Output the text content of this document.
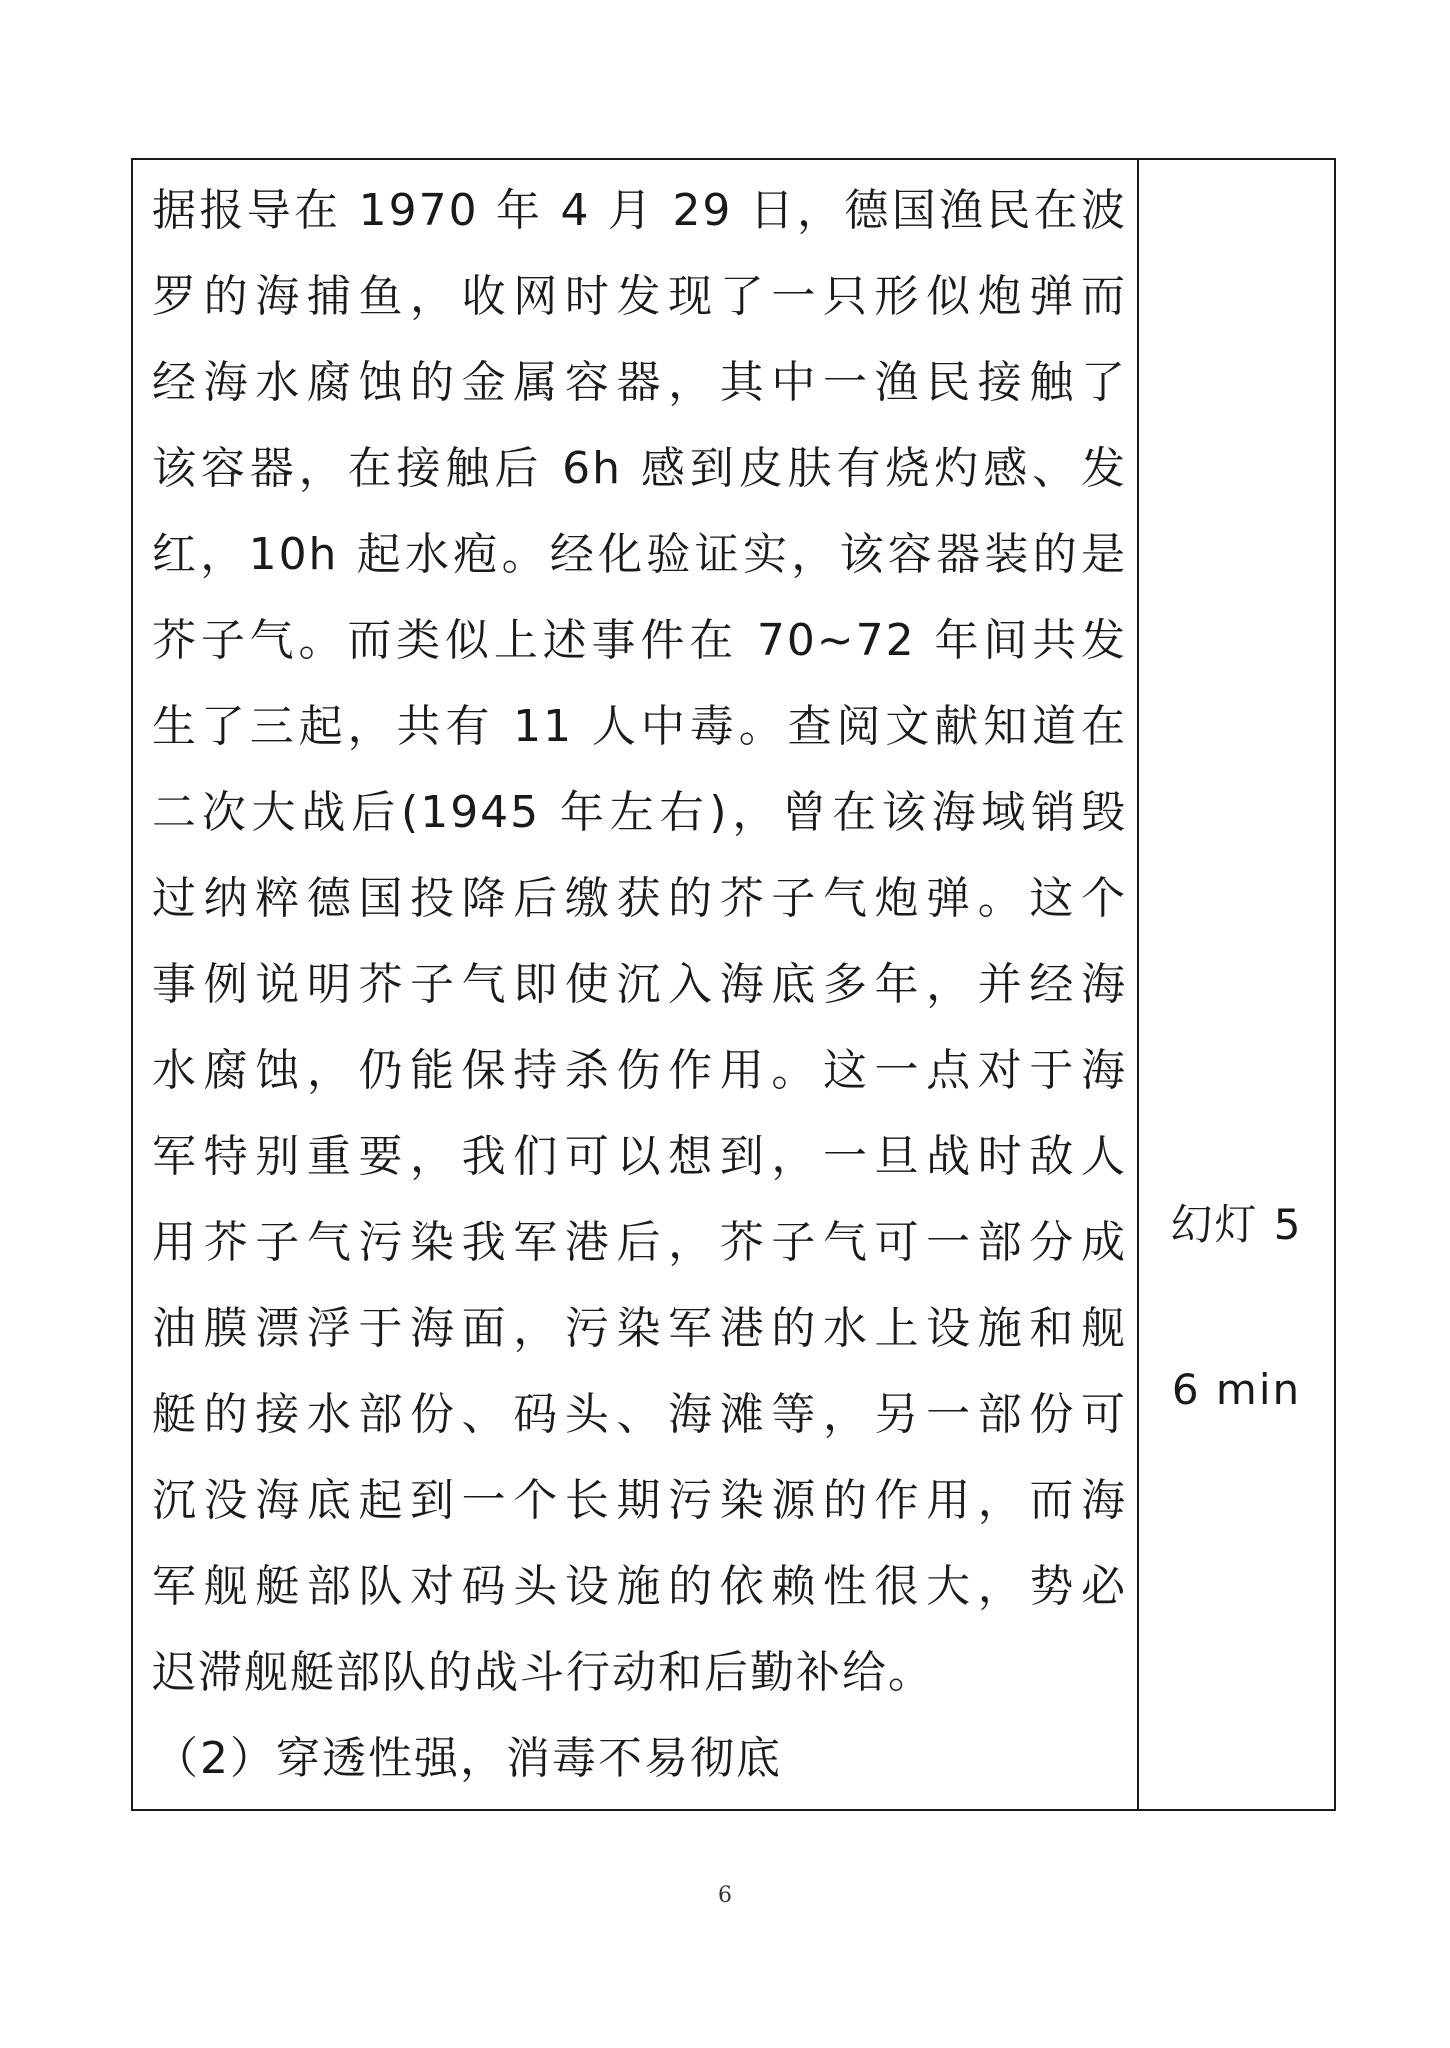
据报导在 1970 年 4 月 29 日，德国渔民在波
罗的海捕鱼，收网时发现了一只形似炮弹而
经海水腐蚀的金属容器，其中一渔民接触了
该容器，在接触后 6h 感到皮肤有烧灼感、发
红，10h 起水疱。经化验证实，该容器装的是
芥子气。而类似上述事件在 70~72 年间共发
生了三起，共有 11 人中毒。查阅文献知道在
二次大战后(1945 年左右)，曾在该海域销毁
过纳粹德国投降后缴获的芥子气炮弹。这个
事例说明芥子气即使沉入海底多年，并经海
水腐蚀，仍能保持杀伤作用。这一点对于海
军特别重要，我们可以想到，一旦战时敌人
用芥子气污染我军港后，芥子气可一部分成
油膜漂浮于海面，污染军港的水上设施和舰
艇的接水部份、码头、海滩等，另一部份可
沉没海底起到一个长期污染源的作用，而海
军舰艇部队对码头设施的依赖性很大，势必
迟滞舰艇部队的战斗行动和后勤补给。
（2）穿透性强，消毒不易彻底
幻灯 5
6 min
6
